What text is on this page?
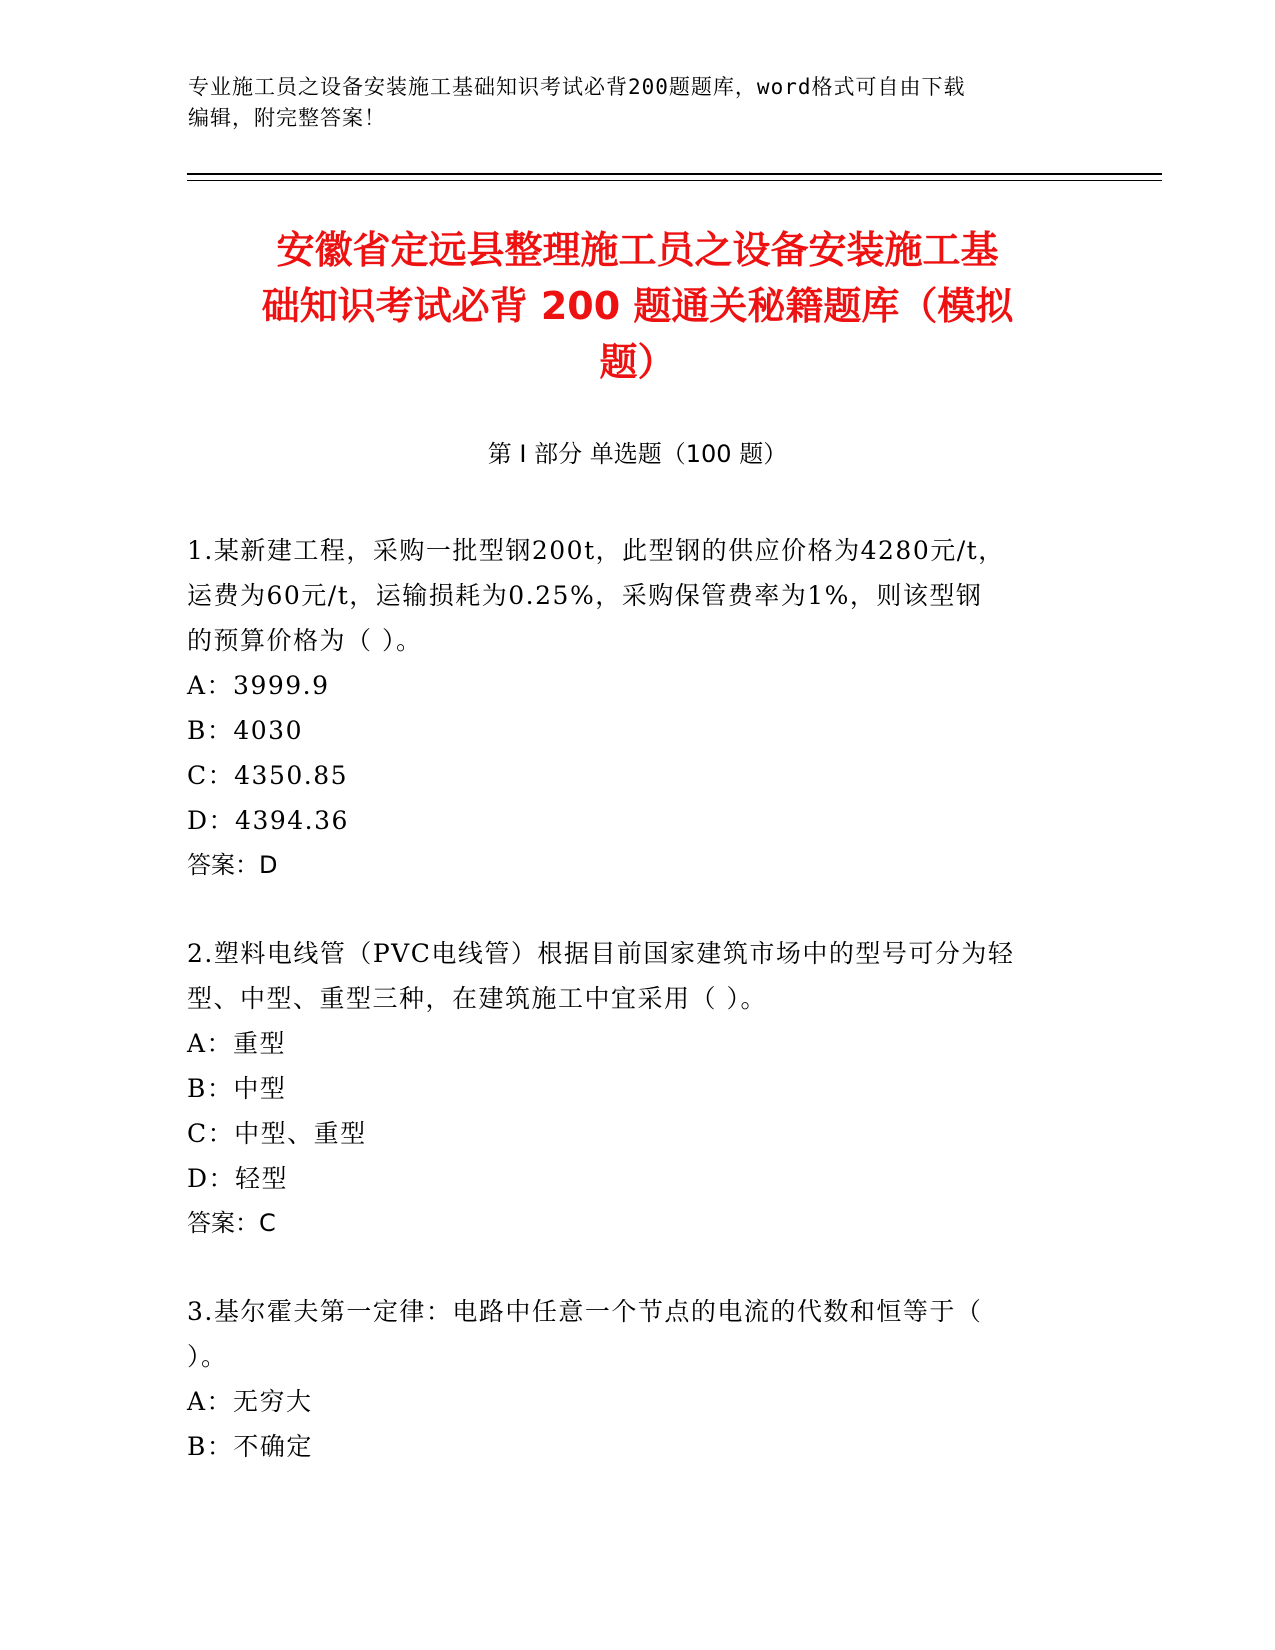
专业施工员之设备安装施工基础知识考试必背200题题库，word格式可自由下载
编辑，附完整答案！
安徽省定远县整理施工员之设备安装施工基
础知识考试必背 200 题通关秘籍题库（模拟
题）
第 I 部分 单选题（100 题）
1.某新建工程，采购一批型钢200t，此型钢的供应价格为4280元/t，
运费为60元/t，运输损耗为0.25%，采购保管费率为1%，则该型钢
的预算价格为（ ）。
A：3999.9
B：4030
C：4350.85
D：4394.36
答案：D
2.塑料电线管（PVC电线管）根据目前国家建筑市场中的型号可分为轻
型、中型、重型三种，在建筑施工中宜采用（ ）。
A：重型
B：中型
C：中型、重型
D：轻型
答案：C
3.基尔霍夫第一定律：电路中任意一个节点的电流的代数和恒等于（
）。
A：无穷大
B：不确定
